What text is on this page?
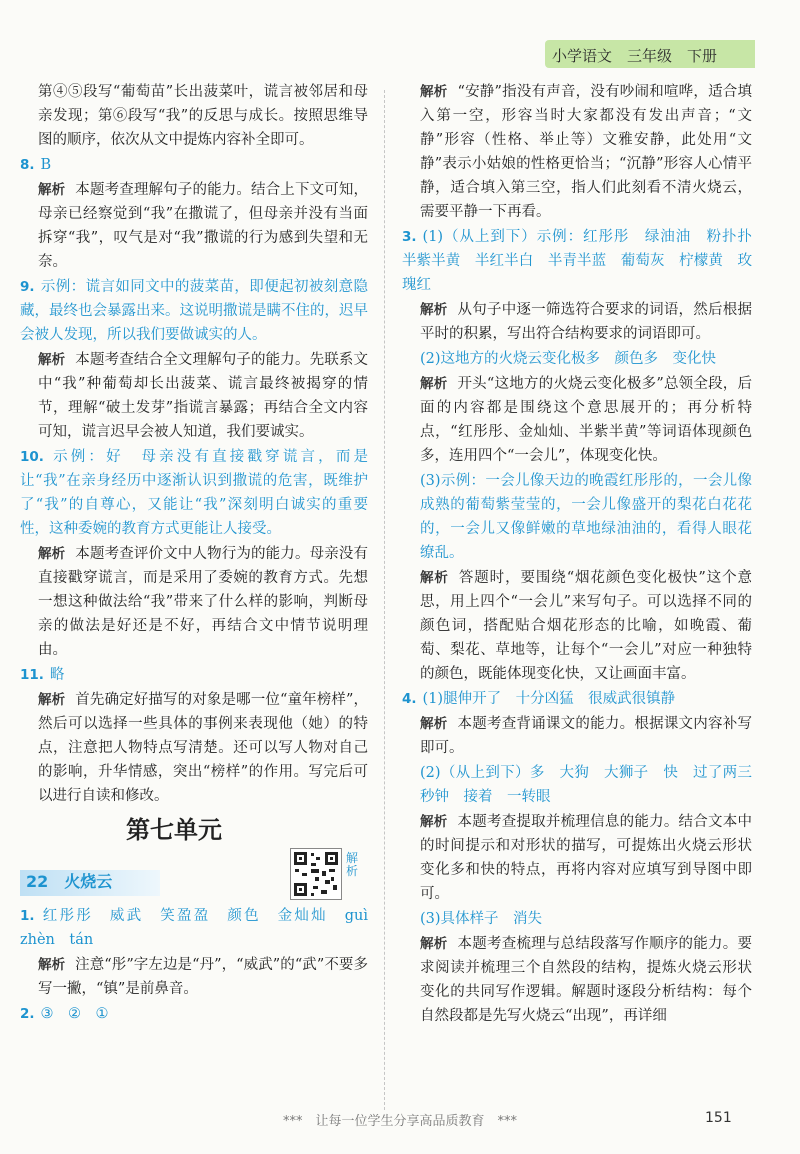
小学语文　三年级　下册

第④⑤段写“葡萄苗”长出菠菜叶，谎言被邻居和母亲发现；第⑥段写“我”的反思与成长。按照思维导图的顺序，依次从文中提炼内容补全即可。

8. B

解析 本题考查理解句子的能力。结合上下文可知，母亲已经察觉到“我”在撒谎了，但母亲并没有当面拆穿“我”，叹气是对“我”撒谎的行为感到失望和无奈。

9. 示例：谎言如同文中的菠菜苗，即便起初被刻意隐藏，最终也会暴露出来。这说明撒谎是瞒不住的，迟早会被人发现，所以我们要做诚实的人。

解析 本题考查结合全文理解句子的能力。先联系文中“我”种葡萄却长出菠菜、谎言最终被揭穿的情节，理解“破土发芽”指谎言暴露；再结合全文内容可知，谎言迟早会被人知道，我们要诚实。

10. 示例：好　母亲没有直接戳穿谎言，而是让“我”在亲身经历中逐渐认识到撒谎的危害，既维护了“我”的自尊心，又能让“我”深刻明白诚实的重要性，这种委婉的教育方式更能让人接受。

解析 本题考查评价文中人物行为的能力。母亲没有直接戳穿谎言，而是采用了委婉的教育方式。先想一想这种做法给“我”带来了什么样的影响，判断母亲的做法是好还是不好，再结合文中情节说明理由。

11. 略

解析 首先确定好描写的对象是哪一位“童年榜样”，然后可以选择一些具体的事例来表现他（她）的特点，注意把人物特点写清楚。还可以写人物对自己的影响，升华情感，突出“榜样”的作用。写完后可以进行自读和修改。

第七单元
22　火烧云
解析

1. 红彤彤　威武　笑盈盈　颜色　金灿灿　guì　zhèn　tán

解析 注意“彤”字左边是“丹”，“威武”的“武”不要多写一撇，“镇”是前鼻音。

2. ③　②　①

解析 “安静”指没有声音，没有吵闹和喧哗，适合填入第一空，形容当时大家都没有发出声音；“文静”形容（性格、举止等）文雅安静，此处用“文静”表示小姑娘的性格更恰当；“沉静”形容人心情平静，适合填入第三空，指人们此刻看不清火烧云，需要平静一下再看。

3. (1)（从上到下）示例：红彤彤　绿油油　粉扑扑　半紫半黄　半红半白　半青半蓝　葡萄灰　柠檬黄　玫瑰红

解析 从句子中逐一筛选符合要求的词语，然后根据平时的积累，写出符合结构要求的词语即可。

(2)这地方的火烧云变化极多　颜色多　变化快

解析 开头“这地方的火烧云变化极多”总领全段，后面的内容都是围绕这个意思展开的；再分析特点，“红彤彤、金灿灿、半紫半黄”等词语体现颜色多，连用四个“一会儿”，体现变化快。

(3)示例：一会儿像天边的晚霞红彤彤的，一会儿像成熟的葡萄紫莹莹的，一会儿像盛开的梨花白花花的，一会儿又像鲜嫩的草地绿油油的，看得人眼花缭乱。

解析 答题时，要围绕“烟花颜色变化极快”这个意思，用上四个“一会儿”来写句子。可以选择不同的颜色词，搭配贴合烟花形态的比喻，如晚霞、葡萄、梨花、草地等，让每个“一会儿”对应一种独特的颜色，既能体现变化快，又让画面丰富。

4. (1)腿伸开了　十分凶猛　很威武很镇静

解析 本题考查背诵课文的能力。根据课文内容补写即可。

(2)（从上到下）多　大狗　大狮子　快　过了两三秒钟　接着　一转眼

解析 本题考查提取并梳理信息的能力。结合文本中的时间提示和对形状的描写，可提炼出火烧云形状变化多和快的特点，再将内容对应填写到导图中即可。

(3)具体样子　消失

解析 本题考查梳理与总结段落写作顺序的能力。要求阅读并梳理三个自然段的结构，提炼火烧云形状变化的共同写作逻辑。解题时逐段分析结构：每个自然段都是先写火烧云“出现”，再详细

***　让每一位学生分享高品质教育　***	151
